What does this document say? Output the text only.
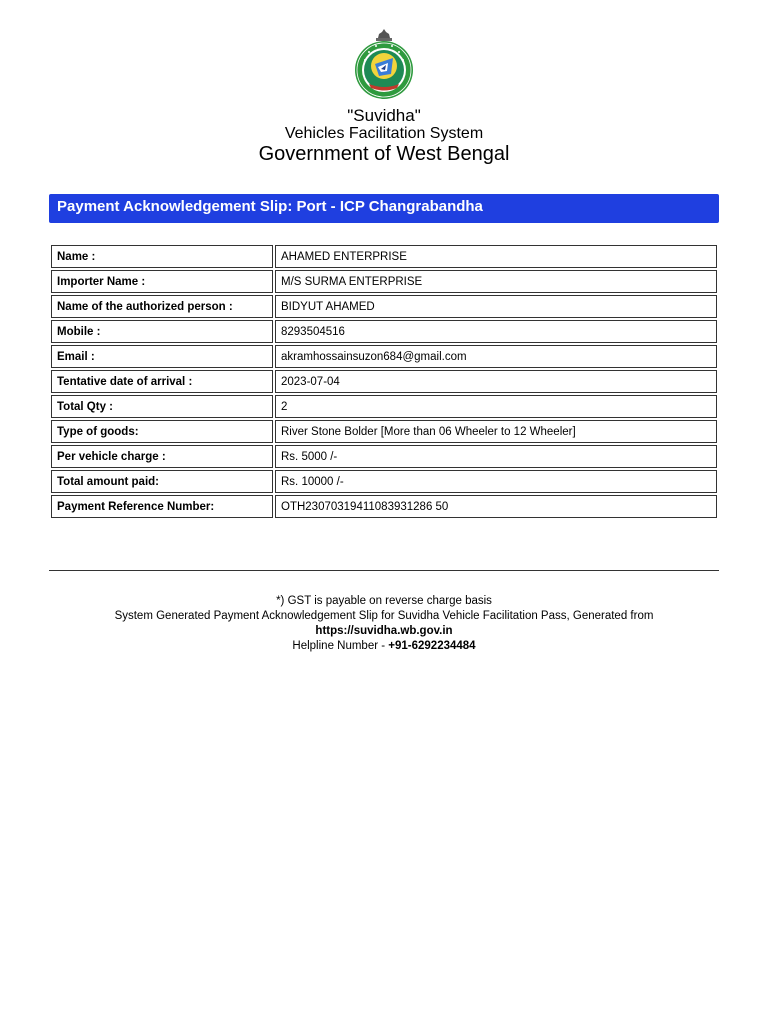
"Suvidha"
Vehicles Facilitation System
Government of West Bengal
Payment Acknowledgement Slip: Port - ICP Changrabandha
Name :	AHAMED ENTERPRISE
Importer Name :	M/S SURMA ENTERPRISE
Name of the authorized person :	BIDYUT AHAMED
Mobile :	8293504516
Email :	akramhossainsuzon684@gmail.com
Tentative date of arrival :	2023-07-04
Total Qty :	2
Type of goods:	River Stone Bolder [More than 06 Wheeler to 12 Wheeler]
Per vehicle charge :	Rs. 5000 /-
Total amount paid:	Rs. 10000 /-
Payment Reference Number:	OTH23070319411083931286 50
*) GST is payable on reverse charge basis
System Generated Payment Acknowledgement Slip for Suvidha Vehicle Facilitation Pass, Generated from
https://suvidha.wb.gov.in
Helpline Number - +91-6292234484
